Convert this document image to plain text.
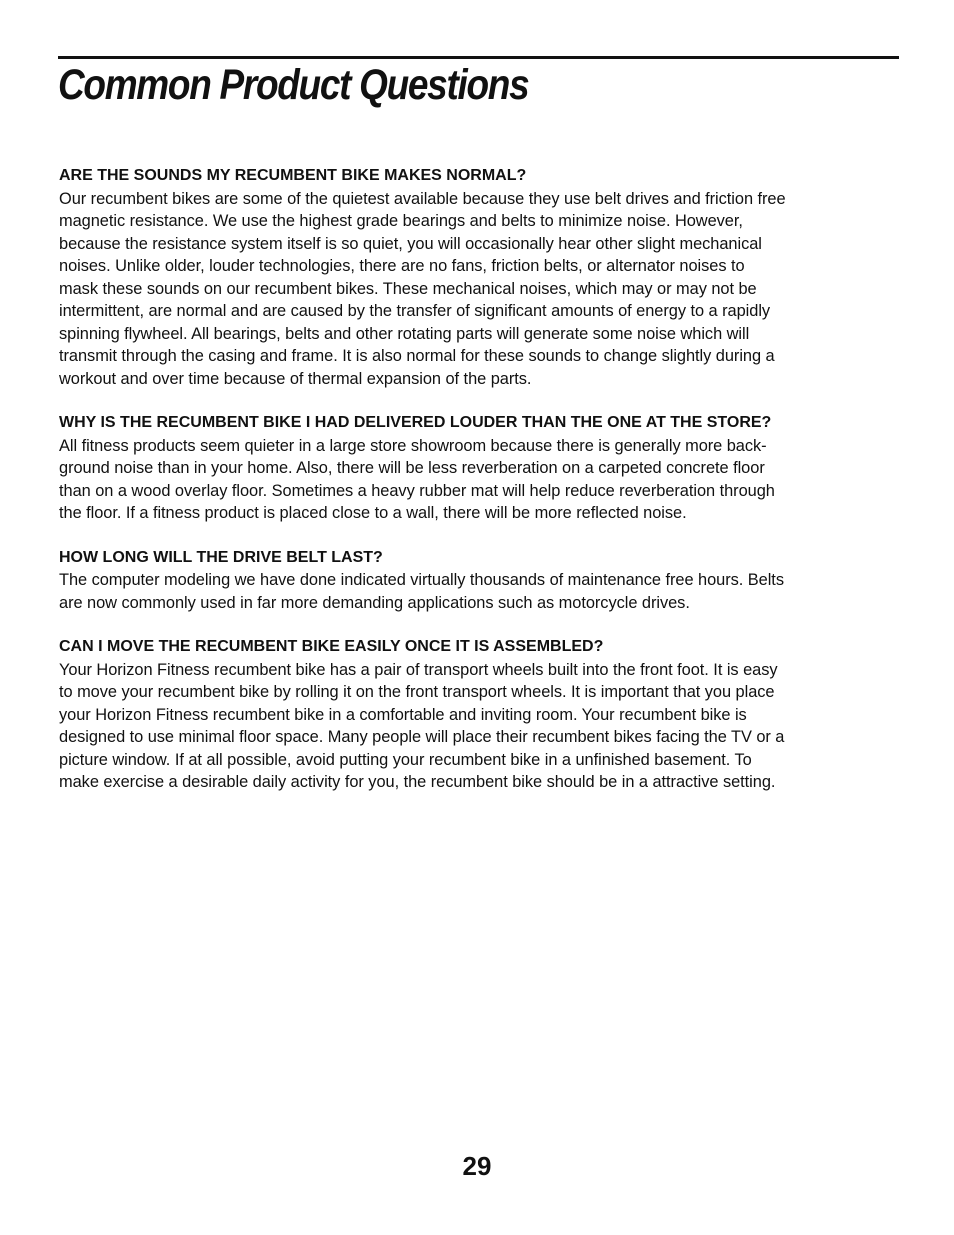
Common Product Questions

ARE THE SOUNDS MY RECUMBENT BIKE MAKES NORMAL?

Our recumbent bikes are some of the quietest available because they use belt drives and friction free
magnetic resistance. We use the highest grade bearings and belts to minimize noise. However,
because the resistance system itself is so quiet, you will occasionally hear other slight mechanical
noises. Unlike older, louder technologies, there are no fans, friction belts, or alternator noises to
mask these sounds on our recumbent bikes. These mechanical noises, which may or may not be
intermittent, are normal and are caused by the transfer of significant amounts of energy to a rapidly
spinning flywheel. All bearings, belts and other rotating parts will generate some noise which will
transmit through the casing and frame. It is also normal for these sounds to change slightly during a
workout and over time because of thermal expansion of the parts.

WHY IS THE RECUMBENT BIKE I HAD DELIVERED LOUDER THAN THE ONE AT THE STORE?

All fitness products seem quieter in a large store showroom because there is generally more back-
ground noise than in your home. Also, there will be less reverberation on a carpeted concrete floor
than on a wood overlay floor. Sometimes a heavy rubber mat will help reduce reverberation through
the floor. If a fitness product is placed close to a wall, there will be more reflected noise.

HOW LONG WILL THE DRIVE BELT LAST?

The computer modeling we have done indicated virtually thousands of maintenance free hours. Belts
are now commonly used in far more demanding applications such as motorcycle drives.

CAN I MOVE THE RECUMBENT BIKE EASILY ONCE IT IS ASSEMBLED?

Your Horizon Fitness recumbent bike has a pair of transport wheels built into the front foot. It is easy
to move your recumbent bike by rolling it on the front transport wheels. It is important that you place
your Horizon Fitness recumbent bike in a comfortable and inviting room. Your recumbent bike is
designed to use minimal floor space. Many people will place their recumbent bikes facing the TV or a
picture window. If at all possible, avoid putting your recumbent bike in a unfinished basement. To
make exercise a desirable daily activity for you, the recumbent bike should be in a attractive setting.

29
